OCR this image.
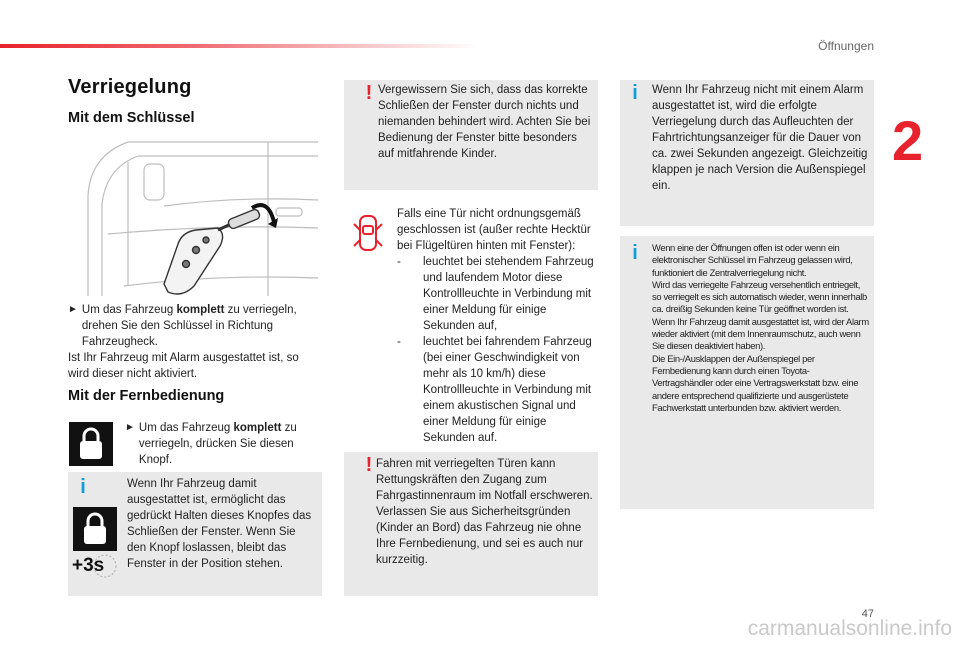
Öffnungen
2
Verriegelung
Mit dem Schlüssel
► Um das Fahrzeug komplett zu verriegeln, drehen Sie den Schlüssel in Richtung Fahrzeugheck.
Ist Ihr Fahrzeug mit Alarm ausgestattet ist, so wird dieser nicht aktiviert.
Mit der Fernbedienung
► Um das Fahrzeug komplett zu verriegeln, drücken Sie diesen Knopf.
i
+3s
Wenn Ihr Fahrzeug damit ausgestattet ist, ermöglicht das gedrückt Halten dieses Knopfes das Schließen der Fenster. Wenn Sie den Knopf loslassen, bleibt das Fenster in der Position stehen.
! Vergewissern Sie sich, dass das korrekte Schließen der Fenster durch nichts und niemanden behindert wird. Achten Sie bei Bedienung der Fenster bitte besonders auf mitfahrende Kinder.
Falls eine Tür nicht ordnungsgemäß geschlossen ist (außer rechte Hecktür bei Flügeltüren hinten mit Fenster):
-	leuchtet bei stehendem Fahrzeug und laufendem Motor diese Kontrollleuchte in Verbindung mit einer Meldung für einige Sekunden auf,
-	leuchtet bei fahrendem Fahrzeug (bei einer Geschwindigkeit von mehr als 10 km/h) diese Kontrollleuchte in Verbindung mit einem akustischen Signal und einer Meldung für einige Sekunden auf.
! Fahren mit verriegelten Türen kann Rettungskräften den Zugang zum Fahrgastinnenraum im Notfall erschweren.
Verlassen Sie aus Sicherheitsgründen (Kinder an Bord) das Fahrzeug nie ohne Ihre Fernbedienung, und sei es auch nur kurzzeitig.
i Wenn Ihr Fahrzeug nicht mit einem Alarm ausgestattet ist, wird die erfolgte Verriegelung durch das Aufleuchten der Fahrtrichtungsanzeiger für die Dauer von ca. zwei Sekunden angezeigt. Gleichzeitig klappen je nach Version die Außenspiegel ein.
i Wenn eine der Öffnungen offen ist oder wenn ein elektronischer Schlüssel im Fahrzeug gelassen wird, funktioniert die Zentralverriegelung nicht.
Wird das verriegelte Fahrzeug versehentlich entriegelt, so verriegelt es sich automatisch wieder, wenn innerhalb ca. dreißig Sekunden keine Tür geöffnet worden ist.
Wenn Ihr Fahrzeug damit ausgestattet ist, wird der Alarm wieder aktiviert (mit dem Innenraumschutz, auch wenn Sie diesen deaktiviert haben).
Die Ein-/Ausklappen der Außenspiegel per Fernbedienung kann durch einen Toyota-Vertragshändler oder eine Vertragswerkstatt bzw. eine andere entsprechend qualifizierte und ausgerüstete Fachwerkstatt unterbunden bzw. aktiviert werden.
47
carmanualsonline.info
